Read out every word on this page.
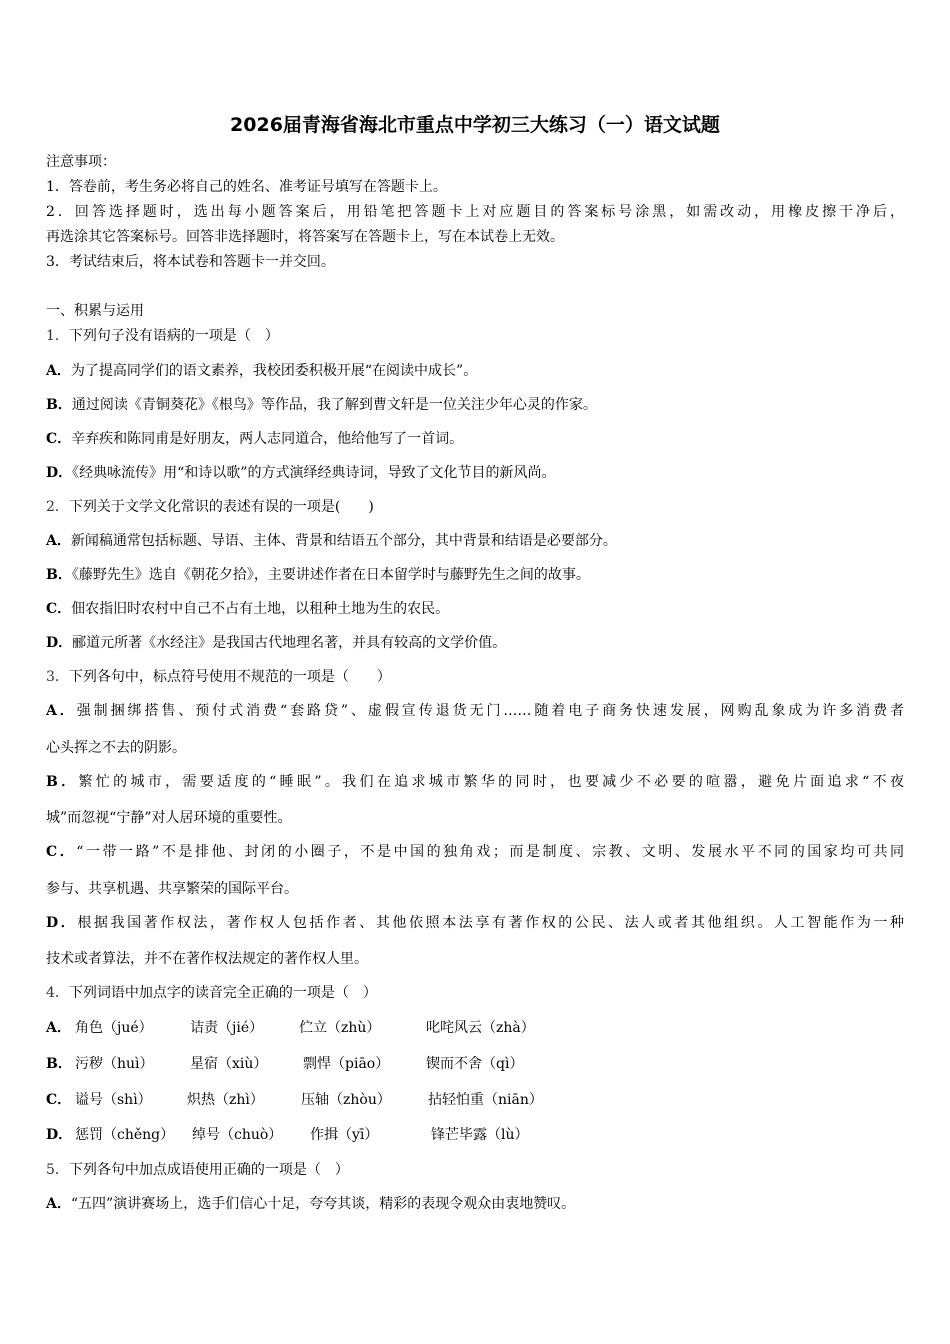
2026届青海省海北市重点中学初三大练习（一）语文试题
注意事项：
1．答卷前，考生务必将自己的姓名、准考证号填写在答题卡上。
2．回答选择题时，选出每小题答案后，用铅笔把答题卡上对应题目的答案标号涂黑，如需改动，用橡皮擦干净后，
再选涂其它答案标号。回答非选择题时，将答案写在答题卡上，写在本试卷上无效。
3．考试结束后，将本试卷和答题卡一并交回。
一、积累与运用
1．下列句子没有语病的一项是（　）
A．为了提高同学们的语文素养，我校团委积极开展“在阅读中成长”。
B．通过阅读《青铜葵花》《根鸟》等作品，我了解到曹文轩是一位关注少年心灵的作家。
C．辛弃疾和陈同甫是好朋友，两人志同道合，他给他写了一首词。
D．《经典咏流传》用“和诗以歌”的方式演绎经典诗词，导致了文化节目的新风尚。
2．下列关于文学文化常识的表述有误的一项是(　　)
A．新闻稿通常包括标题、导语、主体、背景和结语五个部分，其中背景和结语是必要部分。
B．《藤野先生》选自《朝花夕拾》，主要讲述作者在日本留学时与藤野先生之间的故事。
C．佃农指旧时农村中自己不占有土地，以租种土地为生的农民。
D．郦道元所著《水经注》是我国古代地理名著，并具有较高的文学价值。
3．下列各句中，标点符号使用不规范的一项是（　　）
A．强制捆绑搭售、预付式消费“套路贷”、虚假宣传退货无门……随着电子商务快速发展，网购乱象成为许多消费者
心头挥之不去的阴影。
B．繁忙的城市，需要适度的“睡眠”。我们在追求城市繁华的同时，也要减少不必要的喧嚣，避免片面追求“不夜
城”而忽视“宁静”对人居环境的重要性。
C．“一带一路”不是排他、封闭的小圈子，不是中国的独角戏；而是制度、宗教、文明、发展水平不同的国家均可共同
参与、共享机遇、共享繁荣的国际平台。
D．根据我国著作权法，著作权人包括作者、其他依照本法享有著作权的公民、法人或者其他组织。人工智能作为一种
技术或者算法，并不在著作权法规定的著作权人里。
4．下列词语中加点字的读音完全正确的一项是（　）
A． 角色（jué）	诘责（jié）	伫立（zhù）	叱咤风云（zhà）
B． 污秽（huì）	星宿（xiù）	剽悍（piāo）	锲而不舍（qì）
C． 谥号（shì）	炽热（zhì）	压轴（zhòu）	拈轻怕重（niān）
D． 惩罚（chěng） 绰号（chuò） 作揖（yī）	锋芒毕露（lù）
5．下列各句中加点成语使用正确的一项是（　）
A．“五四”演讲赛场上，选手们信心十足，夸夸其谈，精彩的表现令观众由衷地赞叹。
